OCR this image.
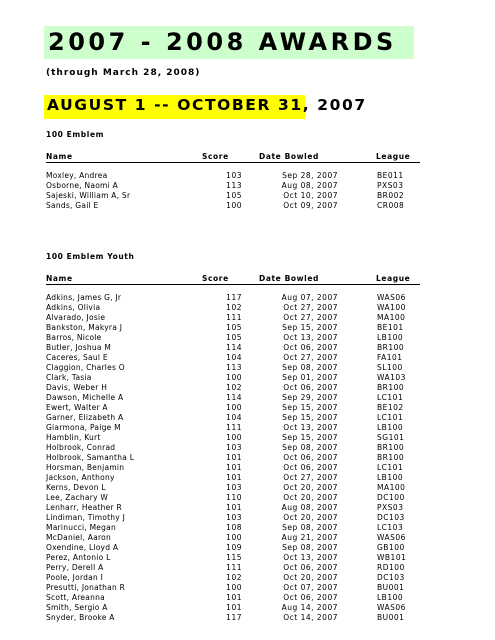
2007 - 2008 AWARDS
(through March 28, 2008)
AUGUST 1 -- OCTOBER 31, 2007
100 Emblem
Name	Score	Date Bowled	League
Moxley, Andrea	103	Sep 28, 2007	BE011
Osborne, Naomi A	113	Aug 08, 2007	PXS03
Sajeski, William A, Sr	105	Oct 10, 2007	BR002
Sands, Gail E	100	Oct 09, 2007	CR008
100 Emblem Youth
Name	Score	Date Bowled	League
Adkins, James G, Jr	117	Aug 07, 2007	WAS06
Adkins, Olivia	102	Oct 27, 2007	WA100
Alvarado, Josie	111	Oct 27, 2007	MA100
Bankston, Makyra J	105	Sep 15, 2007	BE101
Barros, Nicole	105	Oct 13, 2007	LB100
Butler, Joshua M	114	Oct 06, 2007	BR100
Caceres, Saul E	104	Oct 27, 2007	FA101
Claggion, Charles O	113	Sep 08, 2007	SL100
Clark, Tasia	100	Sep 01, 2007	WA103
Davis, Weber H	102	Oct 06, 2007	BR100
Dawson, Michelle A	114	Sep 29, 2007	LC101
Ewert, Walter A	100	Sep 15, 2007	BE102
Garner, Elizabeth A	104	Sep 15, 2007	LC101
Giarmona, Paige M	111	Oct 13, 2007	LB100
Hamblin, Kurt	100	Sep 15, 2007	SG101
Holbrook, Conrad	103	Sep 08, 2007	BR100
Holbrook, Samantha L	101	Oct 06, 2007	BR100
Horsman, Benjamin	101	Oct 06, 2007	LC101
Jackson, Anthony	101	Oct 27, 2007	LB100
Kerns, Devon L	103	Oct 20, 2007	MA100
Lee, Zachary W	110	Oct 20, 2007	DC100
Lenharr, Heather R	101	Aug 08, 2007	PXS03
Lindiman, Timothy J	103	Oct 20, 2007	DC103
Marinucci, Megan	108	Sep 08, 2007	LC103
McDaniel, Aaron	100	Aug 21, 2007	WAS06
Oxendine, Lloyd A	109	Sep 08, 2007	GB100
Perez, Antonio L	115	Oct 13, 2007	WB101
Perry, Derell A	111	Oct 06, 2007	RD100
Poole, Jordan I	102	Oct 20, 2007	DC103
Presutti, Jonathan R	100	Oct 07, 2007	BU001
Scott, Areanna	101	Oct 06, 2007	LB100
Smith, Sergio A	101	Aug 14, 2007	WAS06
Snyder, Brooke A	117	Oct 14, 2007	BU001
